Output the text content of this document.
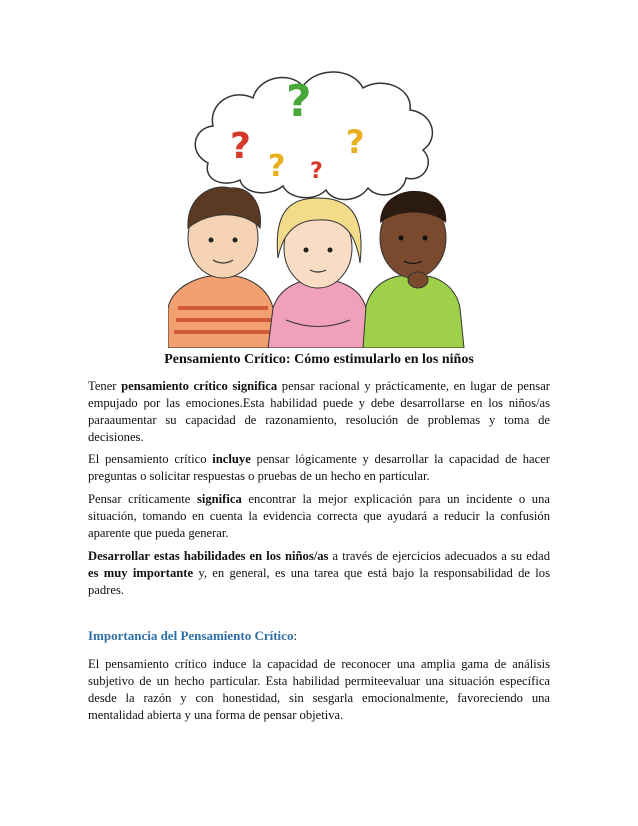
?
?
?
?
?
Pensamiento Crítico: Cómo estimularlo en los niños

Tener pensamiento crítico significa pensar racional y prácticamente, en lugar de pensar empujado por las emociones.Esta habilidad puede y debe desarrollarse en los niños/as paraaumentar su capacidad de razonamiento, resolución de problemas y toma de decisiones.

El pensamiento crítico incluye pensar lógicamente y desarrollar la capacidad de hacer preguntas o solicitar respuestas o pruebas de un hecho en particular.

Pensar críticamente significa encontrar la mejor explicación para un incidente o una situación, tomando en cuenta la evidencia correcta que ayudará a reducir la confusión aparente que pueda generar.

Desarrollar estas habilidades en los niños/as a través de ejercicios adecuados a su edad es muy importante y, en general, es una tarea que está bajo la responsabilidad de los padres.

Importancia del Pensamiento Crítico:

El pensamiento crítico induce la capacidad de reconocer una amplia gama de análisis subjetivo de un hecho particular. Esta habilidad permiteevaluar una situación específica desde la razón y con honestidad, sin sesgarla emocionalmente, favoreciendo una mentalidad abierta y una forma de pensar objetiva.
